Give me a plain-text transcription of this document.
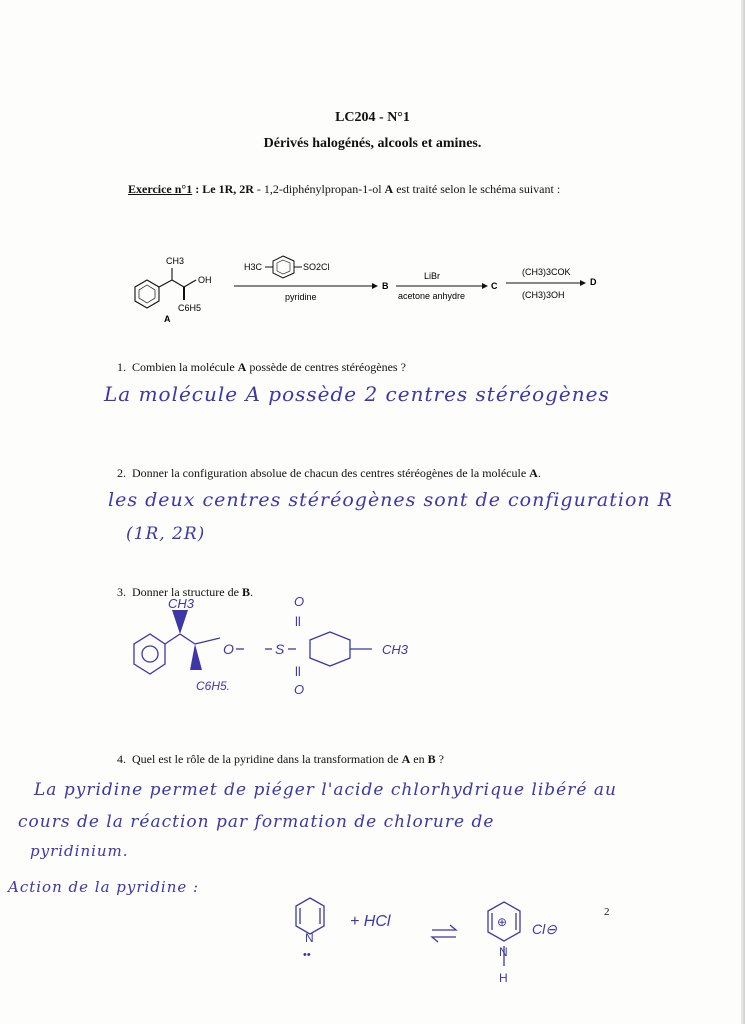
LC204 - N°1
Dérivés halogénés, alcools et amines.
Exercice n°1 : Le 1R, 2R - 1,2-diphénylpropan-1-ol A est traité selon le schéma suivant :
CH3
OH
C6H5
A
H3C	SO2Cl
pyridine
B
LiBr
acetone anhydre
C
(CH3)3COK
(CH3)3OH
D
1. Combien la molécule A possède de centres stéréogènes ?
La molécule A possède 2 centres stéréogènes
2. Donner la configuration absolue de chacun des centres stéréogènes de la molécule A.
les deux centres stéréogènes sont de configuration R
(1R, 2R)
3. Donner la structure de B.
CH3
C6H5.
O	S
O
ll
ll
O
CH3
4. Quel est le rôle de la pyridine dans la transformation de A en B ?
La pyridine permet de piéger l'acide chlorhydrique libéré au
cours de la réaction par formation de chlorure de
pyridinium.
Action de la pyridine :
N
••
+ HCl
⇌
⊕
N
H
Cl⊖
2
